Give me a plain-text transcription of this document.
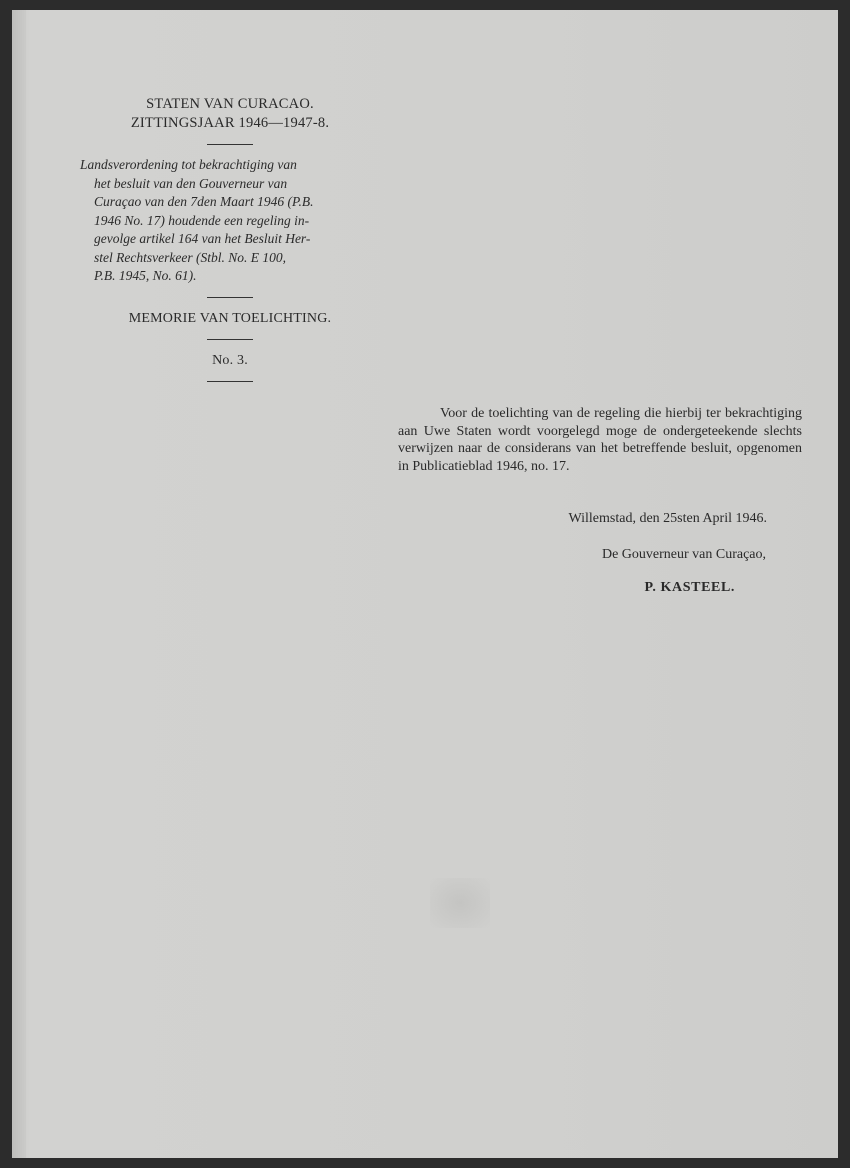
STATEN VAN CURACAO.
ZITTINGSJAAR 1946—1947-8.
Landsverordening tot bekrachtiging van
het besluit van den Gouverneur van
Curaçao van den 7den Maart 1946 (P.B.
1946 No. 17) houdende een regeling in-
gevolge artikel 164 van het Besluit Her-
stel Rechtsverkeer (Stbl. No. E 100,
P.B. 1945, No. 61).
MEMORIE VAN TOELICHTING.
No. 3.

Voor de toelichting van de regeling die hierbij ter bekrachtiging aan Uwe Staten wordt voorgelegd moge de ondergeteekende slechts verwijzen naar de considerans van het betreffende besluit, opgenomen in Publicatieblad 1946, no. 17.

Willemstad, den 25sten April 1946.
De Gouverneur van Curaçao,
P. KASTEEL.
